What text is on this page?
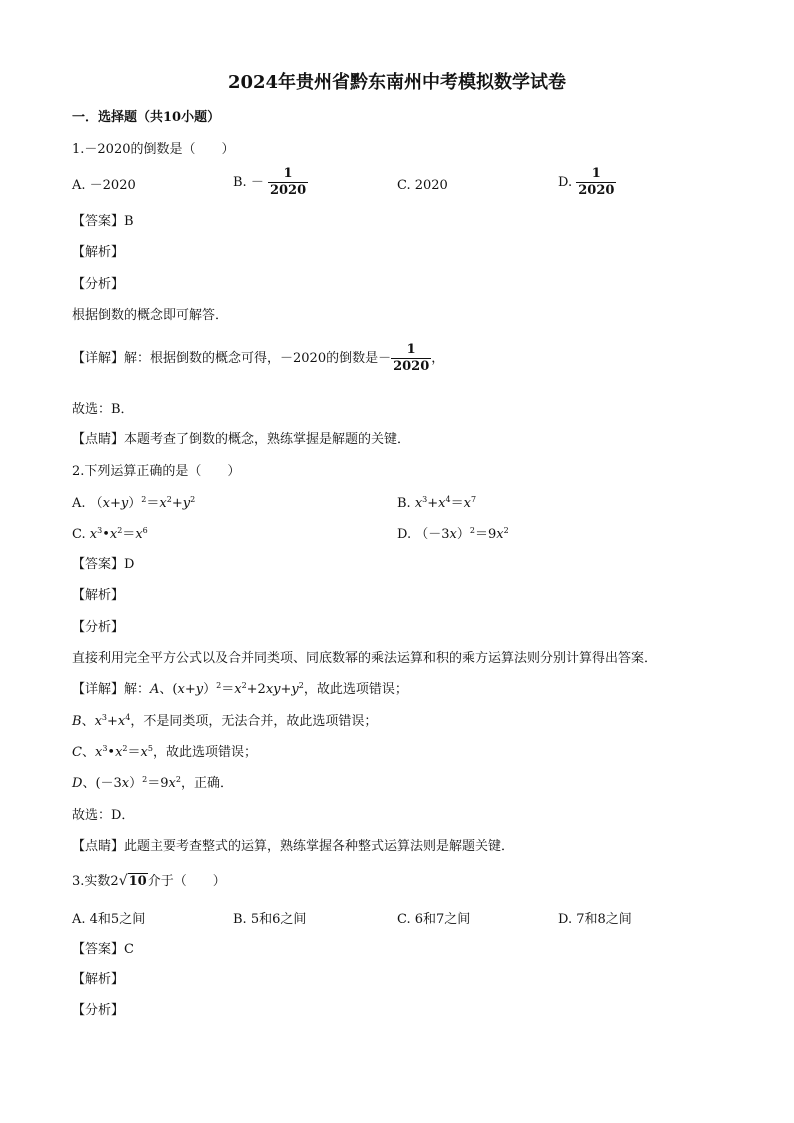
2024年贵州省黔东南州中考模拟数学试卷
一．选择题（共10小题）
1.－2020的倒数是（　　）
A. －2020	B. － $\frac{1}{2020}$	C. 2020	D. $\frac{1}{2020}$
【答案】B
【解析】
【分析】
根据倒数的概念即可解答．
【详解】解：根据倒数的概念可得，－2020的倒数是－ $\frac{1}{2020}$ ，
故选：B．
【点睛】本题考查了倒数的概念，熟练掌握是解题的关键．
2.下列运算正确的是（　　）
A. $(x+y)^2=x^2+y^2$	B. $x^3+x^4=x^7$
C. $x^3•x^2=x^6$	D. $(-3x)^2=9x^2$
【答案】D
【解析】
【分析】
直接利用完全平方公式以及合并同类项、同底数幂的乘法运算和积的乘方运算法则分别计算得出答案．
【详解】解：A、$(x+y)^2=x^2+2xy+y^2$，故此选项错误；
B、$x^3+x^4$，不是同类项，无法合并，故此选项错误；
C、$x^3•x^2=x^5$，故此选项错误；
D、$(-3x)^2=9x^2$，正确．
故选：D．
【点睛】此题主要考查整式的运算，熟练掌握各种整式运算法则是解题关键．
3.实数2√10介于（　　）
A. 4和5之间	B. 5和6之间	C. 6和7之间	D. 7和8之间
【答案】C
【解析】
【分析】
